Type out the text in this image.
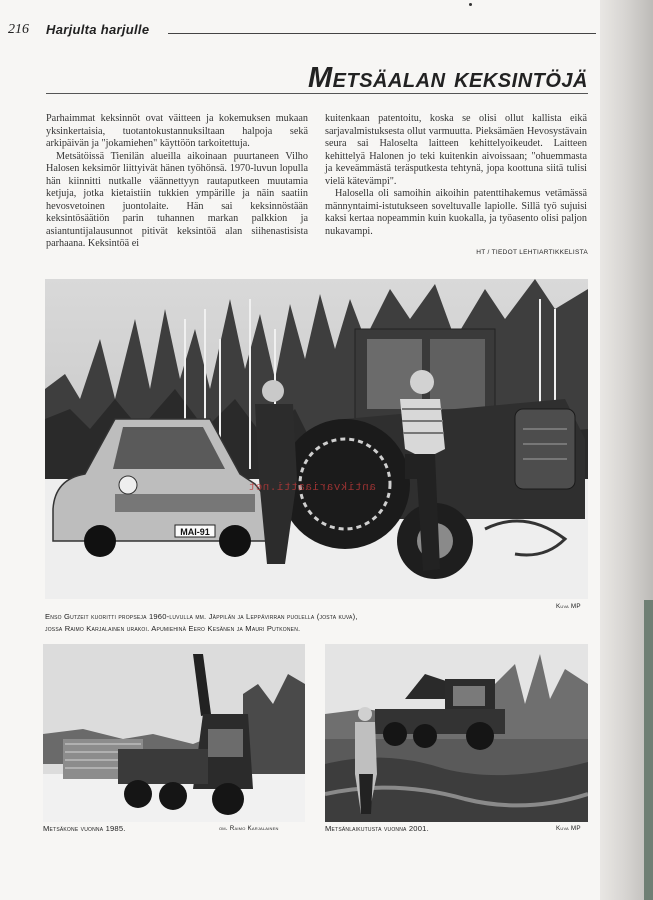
216 Harjulta harjulle
Metsäalan keksintöjä

Parhaimmat keksinnöt ovat väitteen ja kokemuksen mukaan yksinkertaisia, tuotantokustannuksiltaan halpoja sekä arkipäivän ja "jokamiehen" käyttöön tarkoitettuja.

Metsätöissä Tienilän alueilla aikoinaan puurtaneen Vilho Halosen keksimör liittyivät hänen työhönsä. 1970-luvun lopulla hän kiinnitti nutkalle väännettyyn rautaputkeen muutamia ketjuja, jotka kietaistiin tukkien ympärille ja näin saatiin hevosvetoinen juontolaite. Hän sai keksinnöstään keksintösäätiön parin tuhannen markan palkkion ja asiantuntijalausunnot pitivät keksintöä alan siihenastisista parhaana. Keksintöä ei

kuitenkaan patentoitu, koska se olisi ollut kallista eikä sarjavalmistuksesta ollut varmuutta. Pieksämäen Hevosystävain seura sai Haloselta laitteen kehittelyoikeudet. Laitteen kehittelyä Halonen jo teki kuitenkin aivoissaan; "ohuemmasta ja keveämmästä teräsputkesta tehtynä, jopa koottuna siitä tulisi vielä kätevämpi".

Halosella oli samoihin aikoihin patenttihakemus vetämässä männyntaimi-istutukseen soveltuvalle lapiolle. Sillä työ sujuisi kaksi kertaa nopeammin kuin kuokalla, ja työasento olisi paljon nukavampi.

HT / TIEDOT LEHTIARTIKKELISTA
MAI-91
antikvariaatti.net
Kuva MP
Enso Gutzeit kuoritti propseja 1960-luvulla mm. Jäppilän ja Leppävirran puolella (josta kuva),
jossa Raimo Karjalainen urakoi. Apumiehinä Eero Kesänen ja Mauri Putkonen.
Metsäkone vuonna 1985.	om. Raimo Karjalainen	Metsänlaikutusta vuonna 2001.	Kuva MP
